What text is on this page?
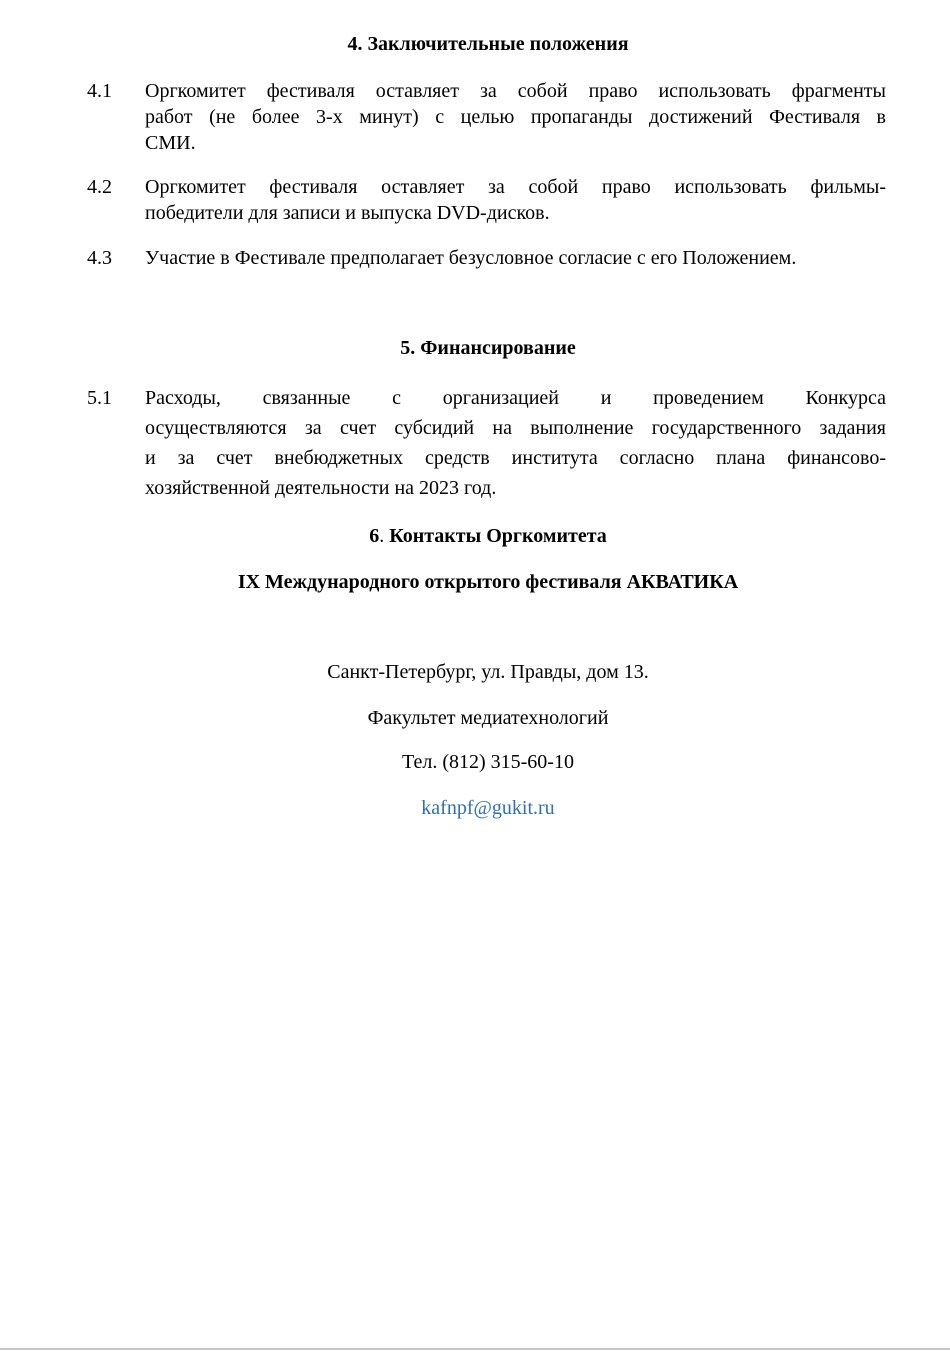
4. Заключительные положения
4.1 Оргкомитет фестиваля оставляет за собой право использовать фрагменты
работ (не более 3-х минут) с целью пропаганды достижений Фестиваля в
СМИ.
4.2 Оргкомитет фестиваля оставляет за собой право использовать фильмы-
победители для записи и выпуска DVD-дисков.
4.3 Участие в Фестивале предполагает безусловное согласие с его Положением.
5. Финансирование
5.1 Расходы, связанные с организацией и проведением Конкурса
осуществляются за счет субсидий на выполнение государственного задания
и за счет внебюджетных средств института согласно плана финансово-
хозяйственной деятельности на 2023 год.
6. Контакты Оргкомитета
IX Международного открытого фестиваля АКВАТИКА
Санкт-Петербург, ул. Правды, дом 13.
Факультет медиатехнологий
Тел. (812) 315-60-10
kafnpf@gukit.ru
